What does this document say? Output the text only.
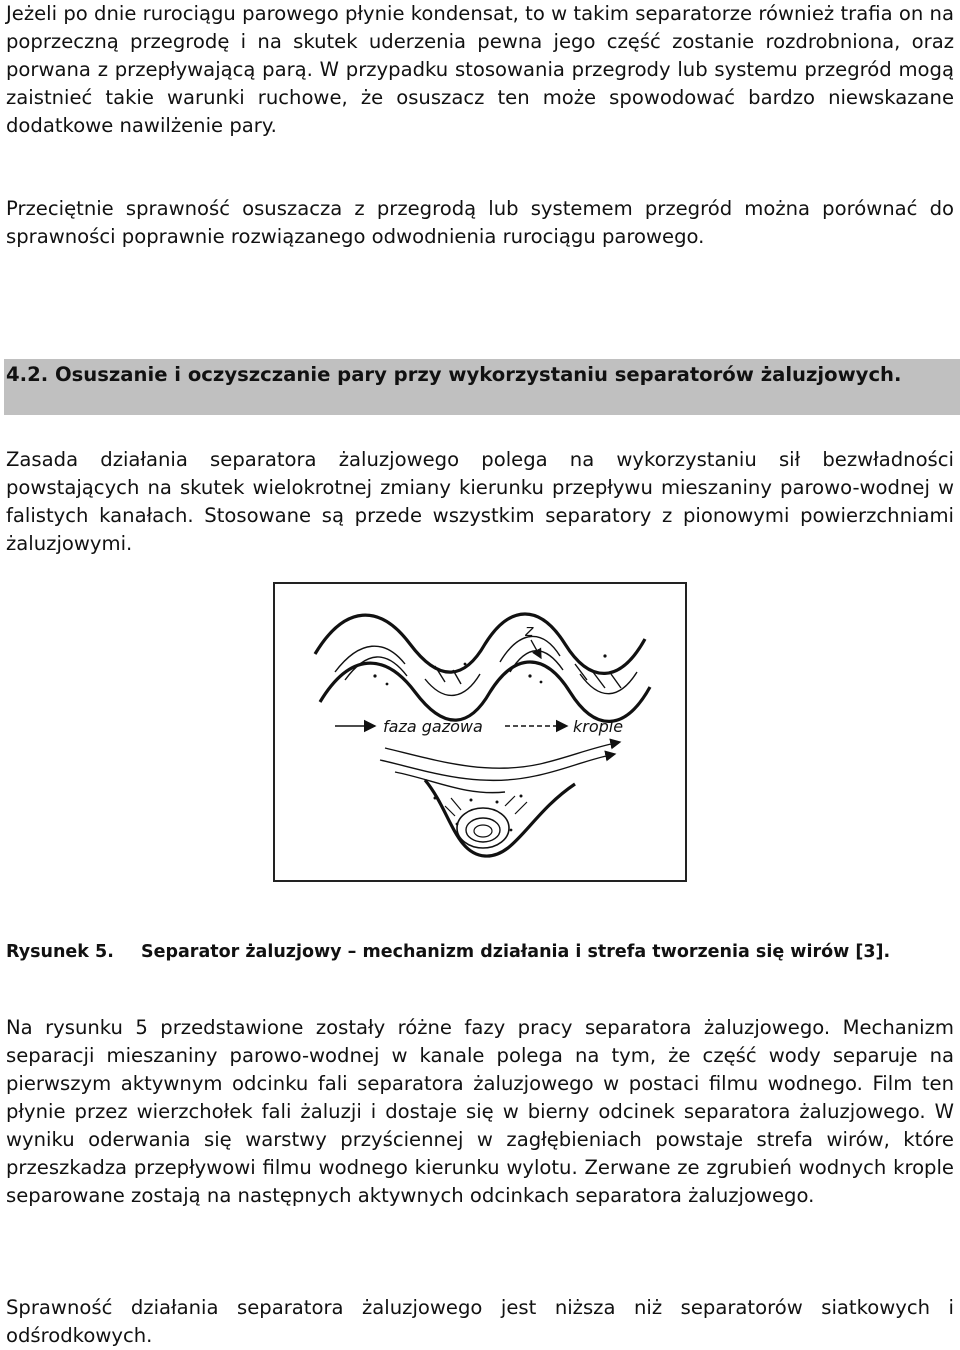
Jeżeli po dnie rurociągu parowego płynie kondensat, to w takim separatorze również trafia on na poprzeczną przegrodę i na skutek uderzenia pewna jego część zostanie rozdrobniona, oraz porwana z przepływającą parą. W przypadku stosowania przegrody lub systemu przegród mogą zaistnieć takie warunki ruchowe, że osuszacz ten może spowodować bardzo niewskazane dodatkowe nawilżenie pary.

Przeciętnie sprawność osuszacza z przegrodą lub systemem przegród można porównać do sprawności poprawnie rozwiązanego odwodnienia rurociągu parowego.

4.2. Osuszanie i oczyszczanie pary przy wykorzystaniu separatorów żaluzjowych.

Zasada działania separatora żaluzjowego polega na wykorzystaniu sił bezwładności powstających na skutek wielokrotnej zmiany kierunku przepływu mieszaniny parowo-wodnej w falistych kanałach. Stosowane są przede wszystkim separatory z pionowymi powierzchniami żaluzjowymi.

z
faza gazowa	krople
Rysunek 5. Separator żaluzjowy – mechanizm działania i strefa tworzenia się wirów [3].

Na rysunku 5 przedstawione zostały różne fazy pracy separatora żaluzjowego. Mechanizm separacji mieszaniny parowo-wodnej w kanale polega na tym, że część wody separuje na pierwszym aktywnym odcinku fali separatora żaluzjowego w postaci filmu wodnego. Film ten płynie przez wierzchołek fali żaluzji i dostaje się w bierny odcinek separatora żaluzjowego. W wyniku oderwania się warstwy przyściennej w zagłębieniach powstaje strefa wirów, które przeszkadza przepływowi filmu wodnego kierunku wylotu. Zerwane ze zgrubień wodnych krople separowane zostają na następnych aktywnych odcinkach separatora żaluzjowego.

Sprawność działania separatora żaluzjowego jest niższa niż separatorów siatkowych i odśrodkowych.
